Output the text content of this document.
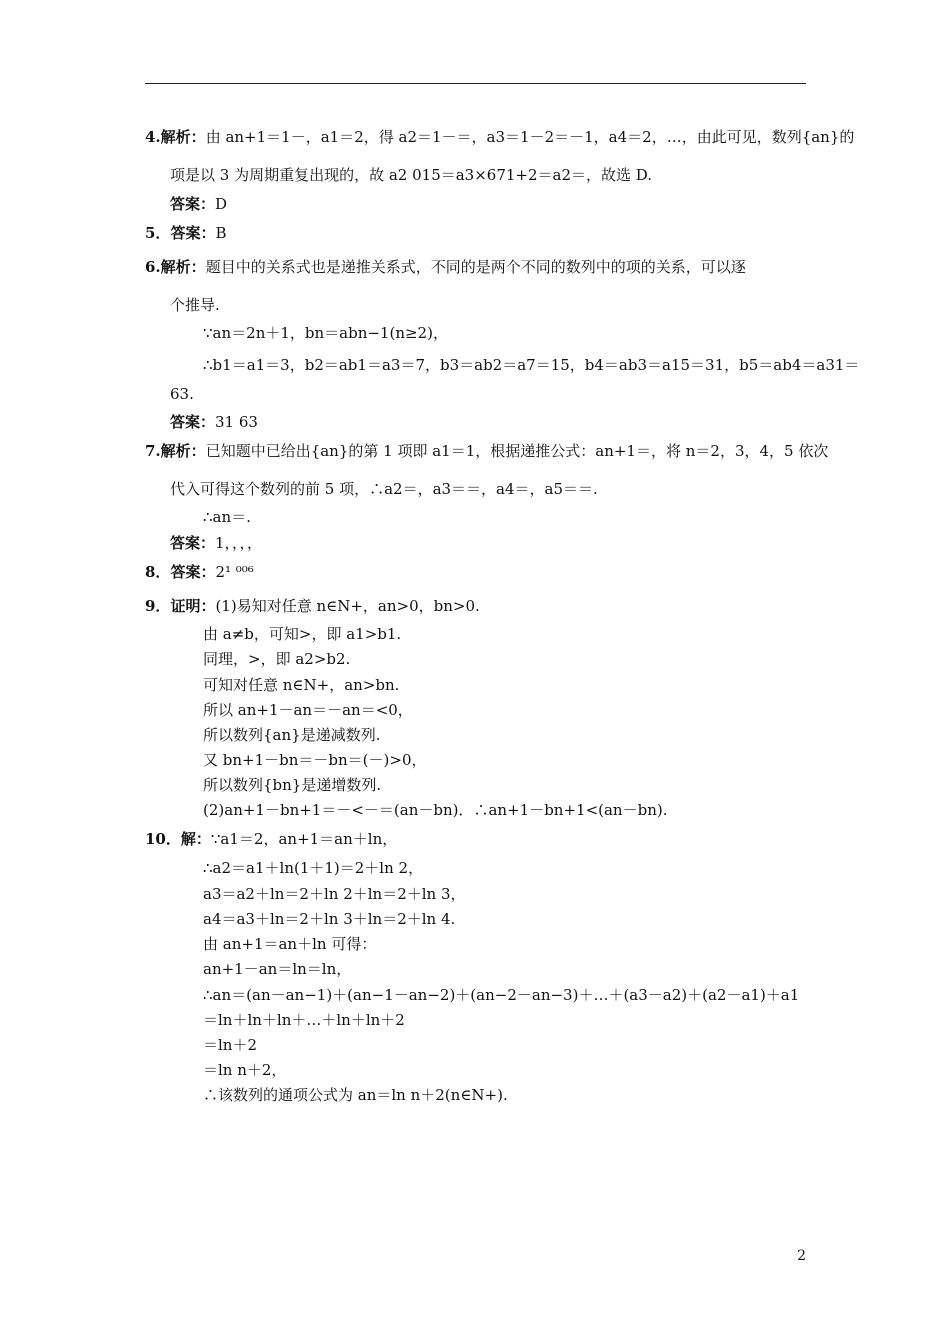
4.解析：由 an+1＝1－，a1＝2，得 a2＝1－＝，a3＝1－2＝－1，a4＝2，…，由此可见，数列{an}的
项是以 3 为周期重复出现的，故 a2 015＝a3×671+2＝a2＝，故选 D.
答案：D
5．答案：B
6.解析：题目中的关系式也是递推关系式，不同的是两个不同的数列中的项的关系，可以逐
个推导.
∵an＝2n＋1，bn＝abn−1(n≥2)，
∴b1＝a1＝3，b2＝ab1＝a3＝7，b3＝ab2＝a7＝15，b4＝ab3＝a15＝31，b5＝ab4＝a31＝
63.
答案：31 63
7.解析：已知题中已给出{an}的第 1 项即 a1＝1，根据递推公式：an+1＝，将 n＝2，3，4，5 依次
代入可得这个数列的前 5 项，∴a2＝，a3＝＝，a4＝，a5＝＝.
∴an＝.
答案：1，，，，
8．答案：2¹ ⁰⁰⁶
9．证明：(1)易知对任意 n∈N+，an>0，bn>0.
由 a≠b，可知>，即 a1>b1.
同理，>，即 a2>b2.
可知对任意 n∈N+，an>bn.
所以 an+1－an＝－an＝<0，
所以数列{an}是递减数列.
又 bn+1－bn＝－bn＝(－)>0，
所以数列{bn}是递增数列.
(2)an+1－bn+1＝－<－＝(an－bn)．∴an+1－bn+1<(an－bn).
10．解：∵a1＝2，an+1＝an＋ln，
∴a2＝a1＋ln(1＋1)＝2＋ln 2，
a3＝a2＋ln＝2＋ln 2＋ln＝2＋ln 3，
a4＝a3＋ln＝2＋ln 3＋ln＝2＋ln 4.
由 an+1＝an＋ln 可得：
an+1－an＝ln＝ln，
∴an＝(an－an−1)＋(an−1－an−2)＋(an−2－an−3)＋…＋(a3－a2)＋(a2－a1)＋a1
＝ln＋ln＋ln＋…＋ln＋ln＋2
＝ln＋2
＝ln n＋2，
∴该数列的通项公式为 an＝ln n＋2(n∈N+).
2
